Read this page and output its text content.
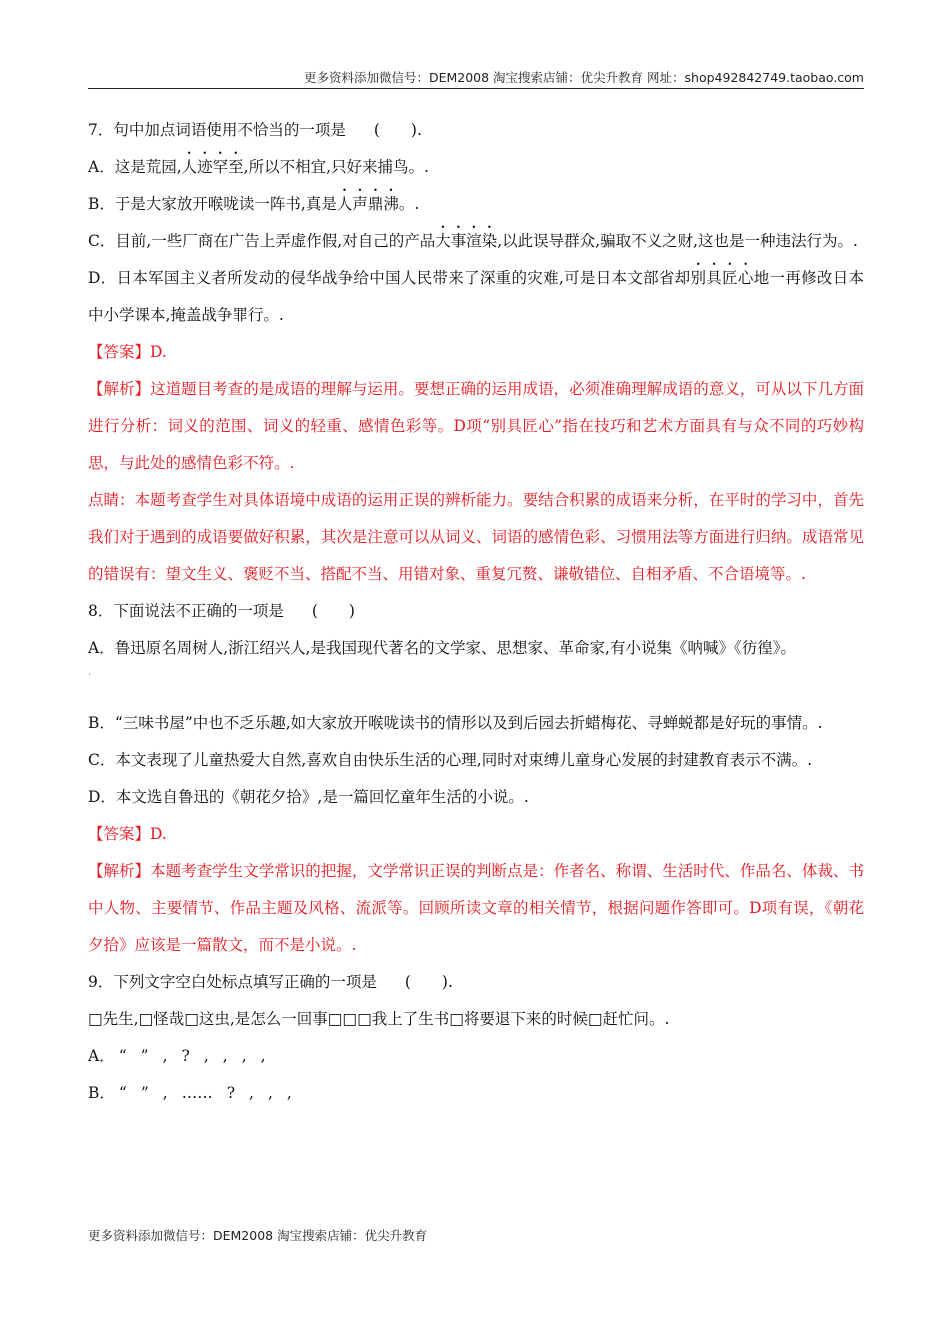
更多资料添加微信号：DEM2008 淘宝搜索店铺：优尖升教育 网址：shop492842749.taobao.com
7．句中加点词语使用不恰当的一项是 (　　).
A．这是荒园,人迹罕至,所以不相宜,只好来捕鸟。.
B．于是大家放开喉咙读一阵书,真是人声鼎沸。.
C．目前,一些厂商在广告上弄虚作假,对自己的产品大事渲染,以此误导群众,骗取不义之财,这也是一种违法行为。.
D．日本军国主义者所发动的侵华战争给中国人民带来了深重的灾难,可是日本文部省却别具匠心地一再修改日本中小学课本,掩盖战争罪行。.
【答案】D.
【解析】这道题目考查的是成语的理解与运用。要想正确的运用成语，必须准确理解成语的意义，可从以下几方面进行分析：词义的范围、词义的轻重、感情色彩等。D项“别具匠心”指在技巧和艺术方面具有与众不同的巧妙构思，与此处的感情色彩不符。.
点睛：本题考查学生对具体语境中成语的运用正误的辨析能力。要结合积累的成语来分析，在平时的学习中，首先我们对于遇到的成语要做好积累，其次是注意可以从词义、词语的感情色彩、习惯用法等方面进行归纳。成语常见的错误有：望文生义、褒贬不当、搭配不当、用错对象、重复冗赘、谦敬错位、自相矛盾、不合语境等。.
8．下面说法不正确的一项是 (　　)
A．鲁迅原名周树人,浙江绍兴人,是我国现代著名的文学家、思想家、革命家,有小说集《呐喊》《彷徨》。
.
B．“三味书屋”中也不乏乐趣,如大家放开喉咙读书的情形以及到后园去折蜡梅花、寻蝉蜕都是好玩的事情。.
C．本文表现了儿童热爱大自然,喜欢自由快乐生活的心理,同时对束缚儿童身心发展的封建教育表示不满。.
D．本文选自鲁迅的《朝花夕拾》,是一篇回忆童年生活的小说。.
【答案】D.
【解析】本题考查学生文学常识的把握，文学常识正误的判断点是：作者名、称谓、生活时代、作品名、体裁、书中人物、主要情节、作品主题及风格、流派等。回顾所读文章的相关情节，根据问题作答即可。D项有误，《朝花夕拾》应该是一篇散文，而不是小说。.
9．下列文字空白处标点填写正确的一项是 (　　).
□先生,□怪哉□这虫,是怎么一回事□□□我上了生书□将要退下来的时候□赶忙问。.
A． “ ” , ? , , , ,
B． “ ” , …… ? , , ,
更多资料添加微信号：DEM2008 淘宝搜索店铺：优尖升教育
